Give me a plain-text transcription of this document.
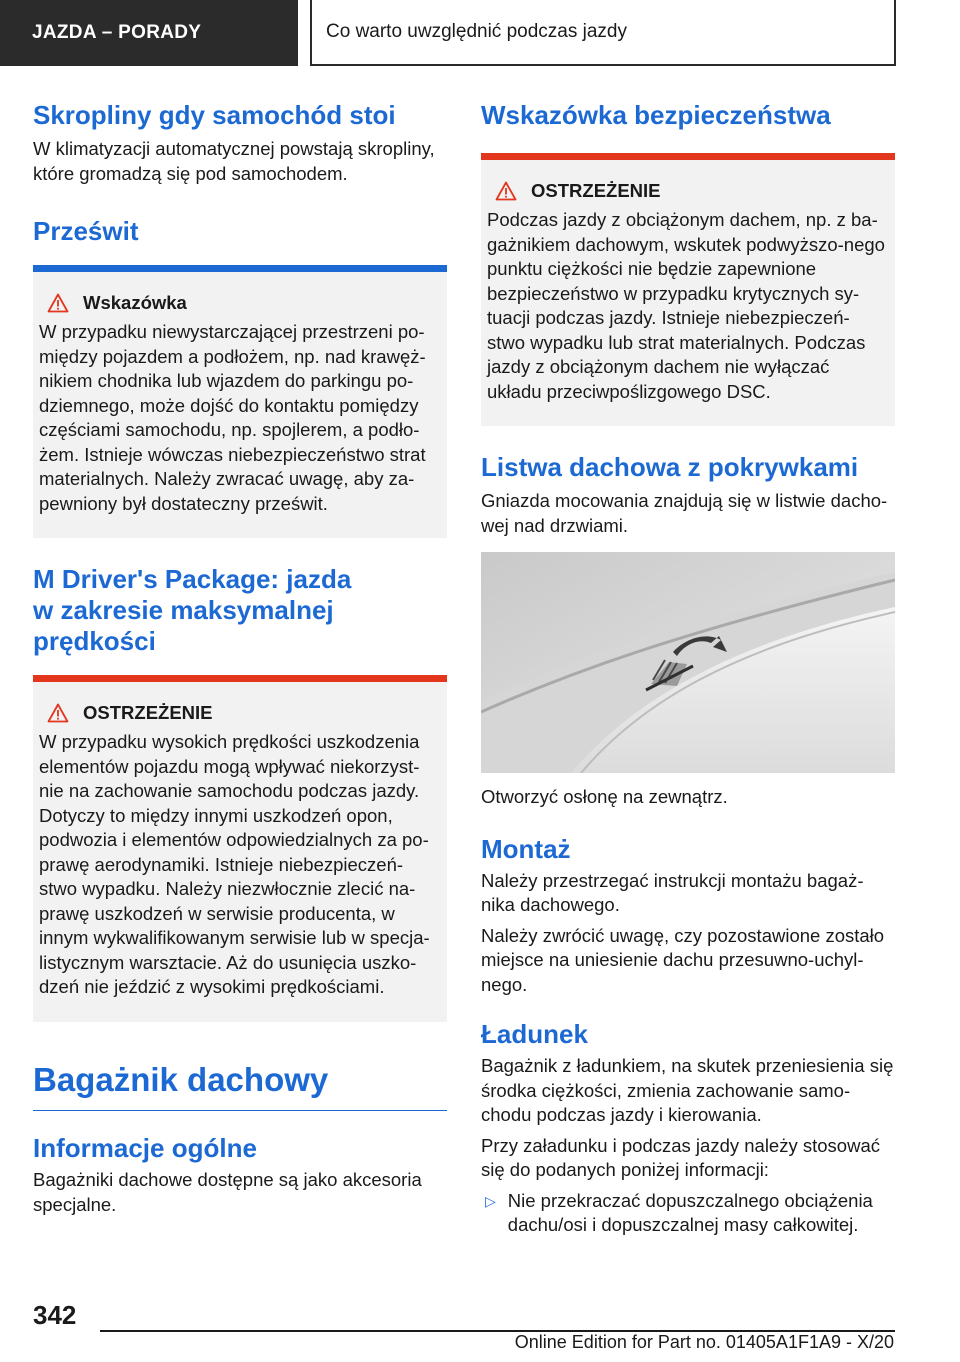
JAZDA – PORADY	Co warto uwzględnić podczas jazdy
Skropliny gdy samochód stoi

W klimatyzacji automatycznej powstają skropliny, które gromadzą się pod samochodem.

Prześwit
Wskazówka

W przypadku niewystarczającej przestrzeni po-między pojazdem a podłożem, np. nad krawęż-nikiem chodnika lub wjazdem do parkingu po-dziemnego, może dojść do kontaktu pomiędzy częściami samochodu, np. spojlerem, a podło-żem. Istnieje wówczas niebezpieczeństwo strat materialnych. Należy zwracać uwagę, aby za-pewniony był dostateczny prześwit.

M Driver's Package: jazda w zakresie maksymalnej prędkości
OSTRZEŻENIE

W przypadku wysokich prędkości uszkodzenia elementów pojazdu mogą wpływać niekorzyst-nie na zachowanie samochodu podczas jazdy. Dotyczy to między innymi uszkodzeń opon, podwozia i elementów odpowiedzialnych za po-prawę aerodynamiki. Istnieje niebezpieczeń-stwo wypadku. Należy niezwłocznie zlecić na-prawę uszkodzeń w serwisie producenta, w innym wykwalifikowanym serwisie lub w specja-listycznym warsztacie. Aż do usunięcia uszko-dzeń nie jeździć z wysokimi prędkościami.

Bagażnik dachowy
Informacje ogólne

Bagażniki dachowe dostępne są jako akcesoria specjalne.

Wskazówka bezpieczeństwa
OSTRZEŻENIE

Podczas jazdy z obciążonym dachem, np. z ba-gażnikiem dachowym, wskutek podwyższo-nego punktu ciężkości nie będzie zapewnione bezpieczeństwo w przypadku krytycznych sy-tuacji podczas jazdy. Istnieje niebezpieczeń-stwo wypadku lub strat materialnych. Podczas jazdy z obciążonym dachem nie wyłączać układu przeciwpoślizgowego DSC.

Listwa dachowa z pokrywkami

Gniazda mocowania znajdują się w listwie dacho-wej nad drzwiami.

Otworzyć osłonę na zewnątrz.

Montaż

Należy przestrzegać instrukcji montażu bagaż-nika dachowego.

Należy zwrócić uwagę, czy pozostawione zostało miejsce na uniesienie dachu przesuwno-uchyl-nego.

Ładunek

Bagażnik z ładunkiem, na skutek przeniesienia się środka ciężkości, zmienia zachowanie samo-chodu podczas jazdy i kierowania.

Przy załadunku i podczas jazdy należy stosować się do podanych poniżej informacji:

▷ Nie przekraczać dopuszczalnego obciążenia dachu/osi i dopuszczalnej masy całkowitej.
342
Online Edition for Part no. 01405A1F1A9 - X/20
